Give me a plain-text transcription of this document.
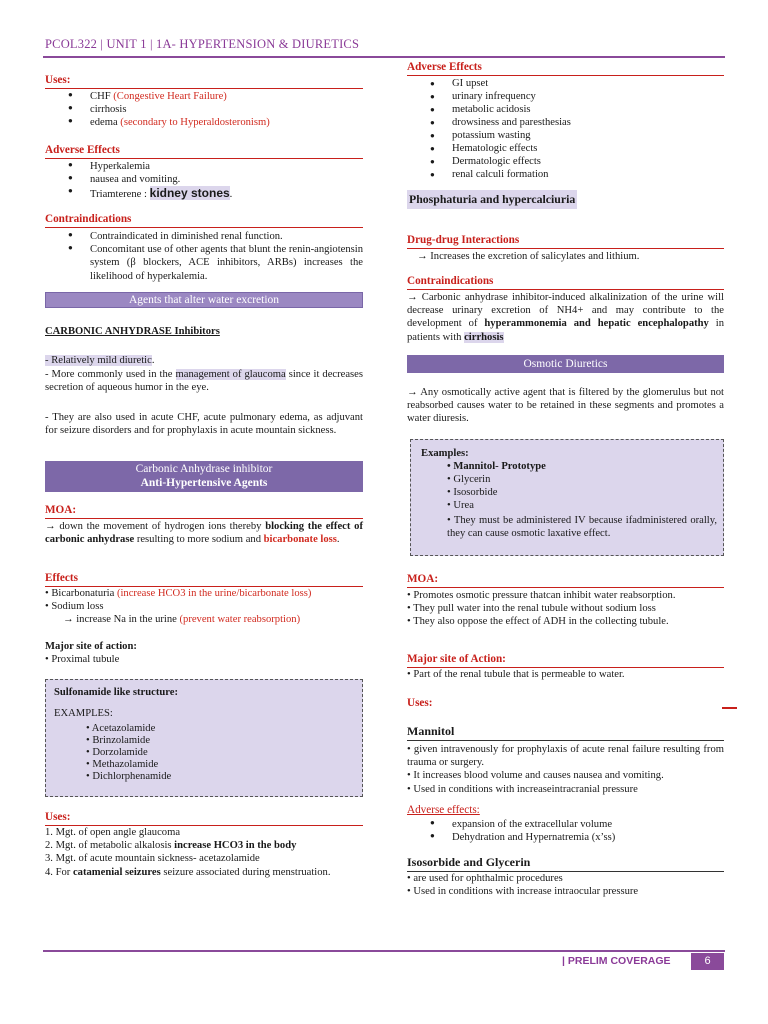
PCOL322 | UNIT 1 | 1A- HYPERTENSION & DIURETICS
Uses:
● CHF (Congestive Heart Failure)
● cirrhosis
● edema (secondary to Hyperaldosteronism)
Adverse Effects
● Hyperkalemia
● nausea and vomiting.
● Triamterene : kidney stones.
Contraindications
● Contraindicated in diminished renal function.
● Concomitant use of other agents that blunt the renin-angiotensin system (β blockers, ACE inhibitors, ARBs) increases the likelihood of hyperkalemia.
Agents that alter water excretion
CARBONIC ANHYDRASE Inhibitors
- Relatively mild diuretic.
- More commonly used in the management of glaucoma since it decreases secretion of aqueous humor in the eye.
- They are also used in acute CHF, acute pulmonary edema, as adjuvant for seizure disorders and for prophylaxis in acute mountain sickness.
Carbonic Anhydrase inhibitor
Anti-Hypertensive Agents
MOA:
→ down the movement of hydrogen ions thereby blocking the effect of carbonic anhydrase resulting to more sodium and bicarbonate loss.
Effects
• Bicarbonaturia (increase HCO3 in the urine/bicarbonate loss)
• Sodium loss
→ increase Na in the urine (prevent water reabsorption)
Major site of action:
• Proximal tubule
Sulfonamide like structure:
EXAMPLES:
• Acetazolamide
• Brinzolamide
• Dorzolamide
• Methazolamide
• Dichlorphenamide
Uses:
1. Mgt. of open angle glaucoma
2. Mgt. of metabolic alkalosis increase HCO3 in the body
3. Mgt. of acute mountain sickness- acetazolamide
4. For catamenial seizures seizure associated during menstruation.
Adverse Effects
● GI upset
● urinary infrequency
● metabolic acidosis
● drowsiness and paresthesias
● potassium wasting
● Hematologic effects
● Dermatologic effects
● renal calculi formation
Phosphaturia and hypercalciuria
Drug-drug Interactions
→ Increases the excretion of salicylates and lithium.
Contraindications
→ Carbonic anhydrase inhibitor-induced alkalinization of the urine will decrease urinary excretion of NH4+ and may contribute to the development of hyperammonemia and hepatic encephalopathy in patients with cirrhosis
Osmotic Diuretics
→ Any osmotically active agent that is filtered by the glomerulus but not reabsorbed causes water to be retained in these segments and promotes a water diuresis.
Examples:
• Mannitol- Prototype
• Glycerin
• Isosorbide
• Urea
• They must be administered IV because ifadministered orally, they can cause osmotic laxative effect.
MOA:
• Promotes osmotic pressure thatcan inhibit water reabsorption.
• They pull water into the renal tubule without sodium loss
• They also oppose the effect of ADH in the collecting tubule.
Major site of Action:
• Part of the renal tubule that is permeable to water.
Uses:
Mannitol
• given intravenously for prophylaxis of acute renal failure resulting from trauma or surgery.
• It increases blood volume and causes nausea and vomiting.
• Used in conditions with increaseintracranial pressure
Adverse effects:
● expansion of the extracellular volume
● Dehydration and Hypernatremia (x’ss)
Isosorbide and Glycerin
• are used for ophthalmic procedures
• Used in conditions with increase intraocular pressure
| PRELIM COVERAGE	6
